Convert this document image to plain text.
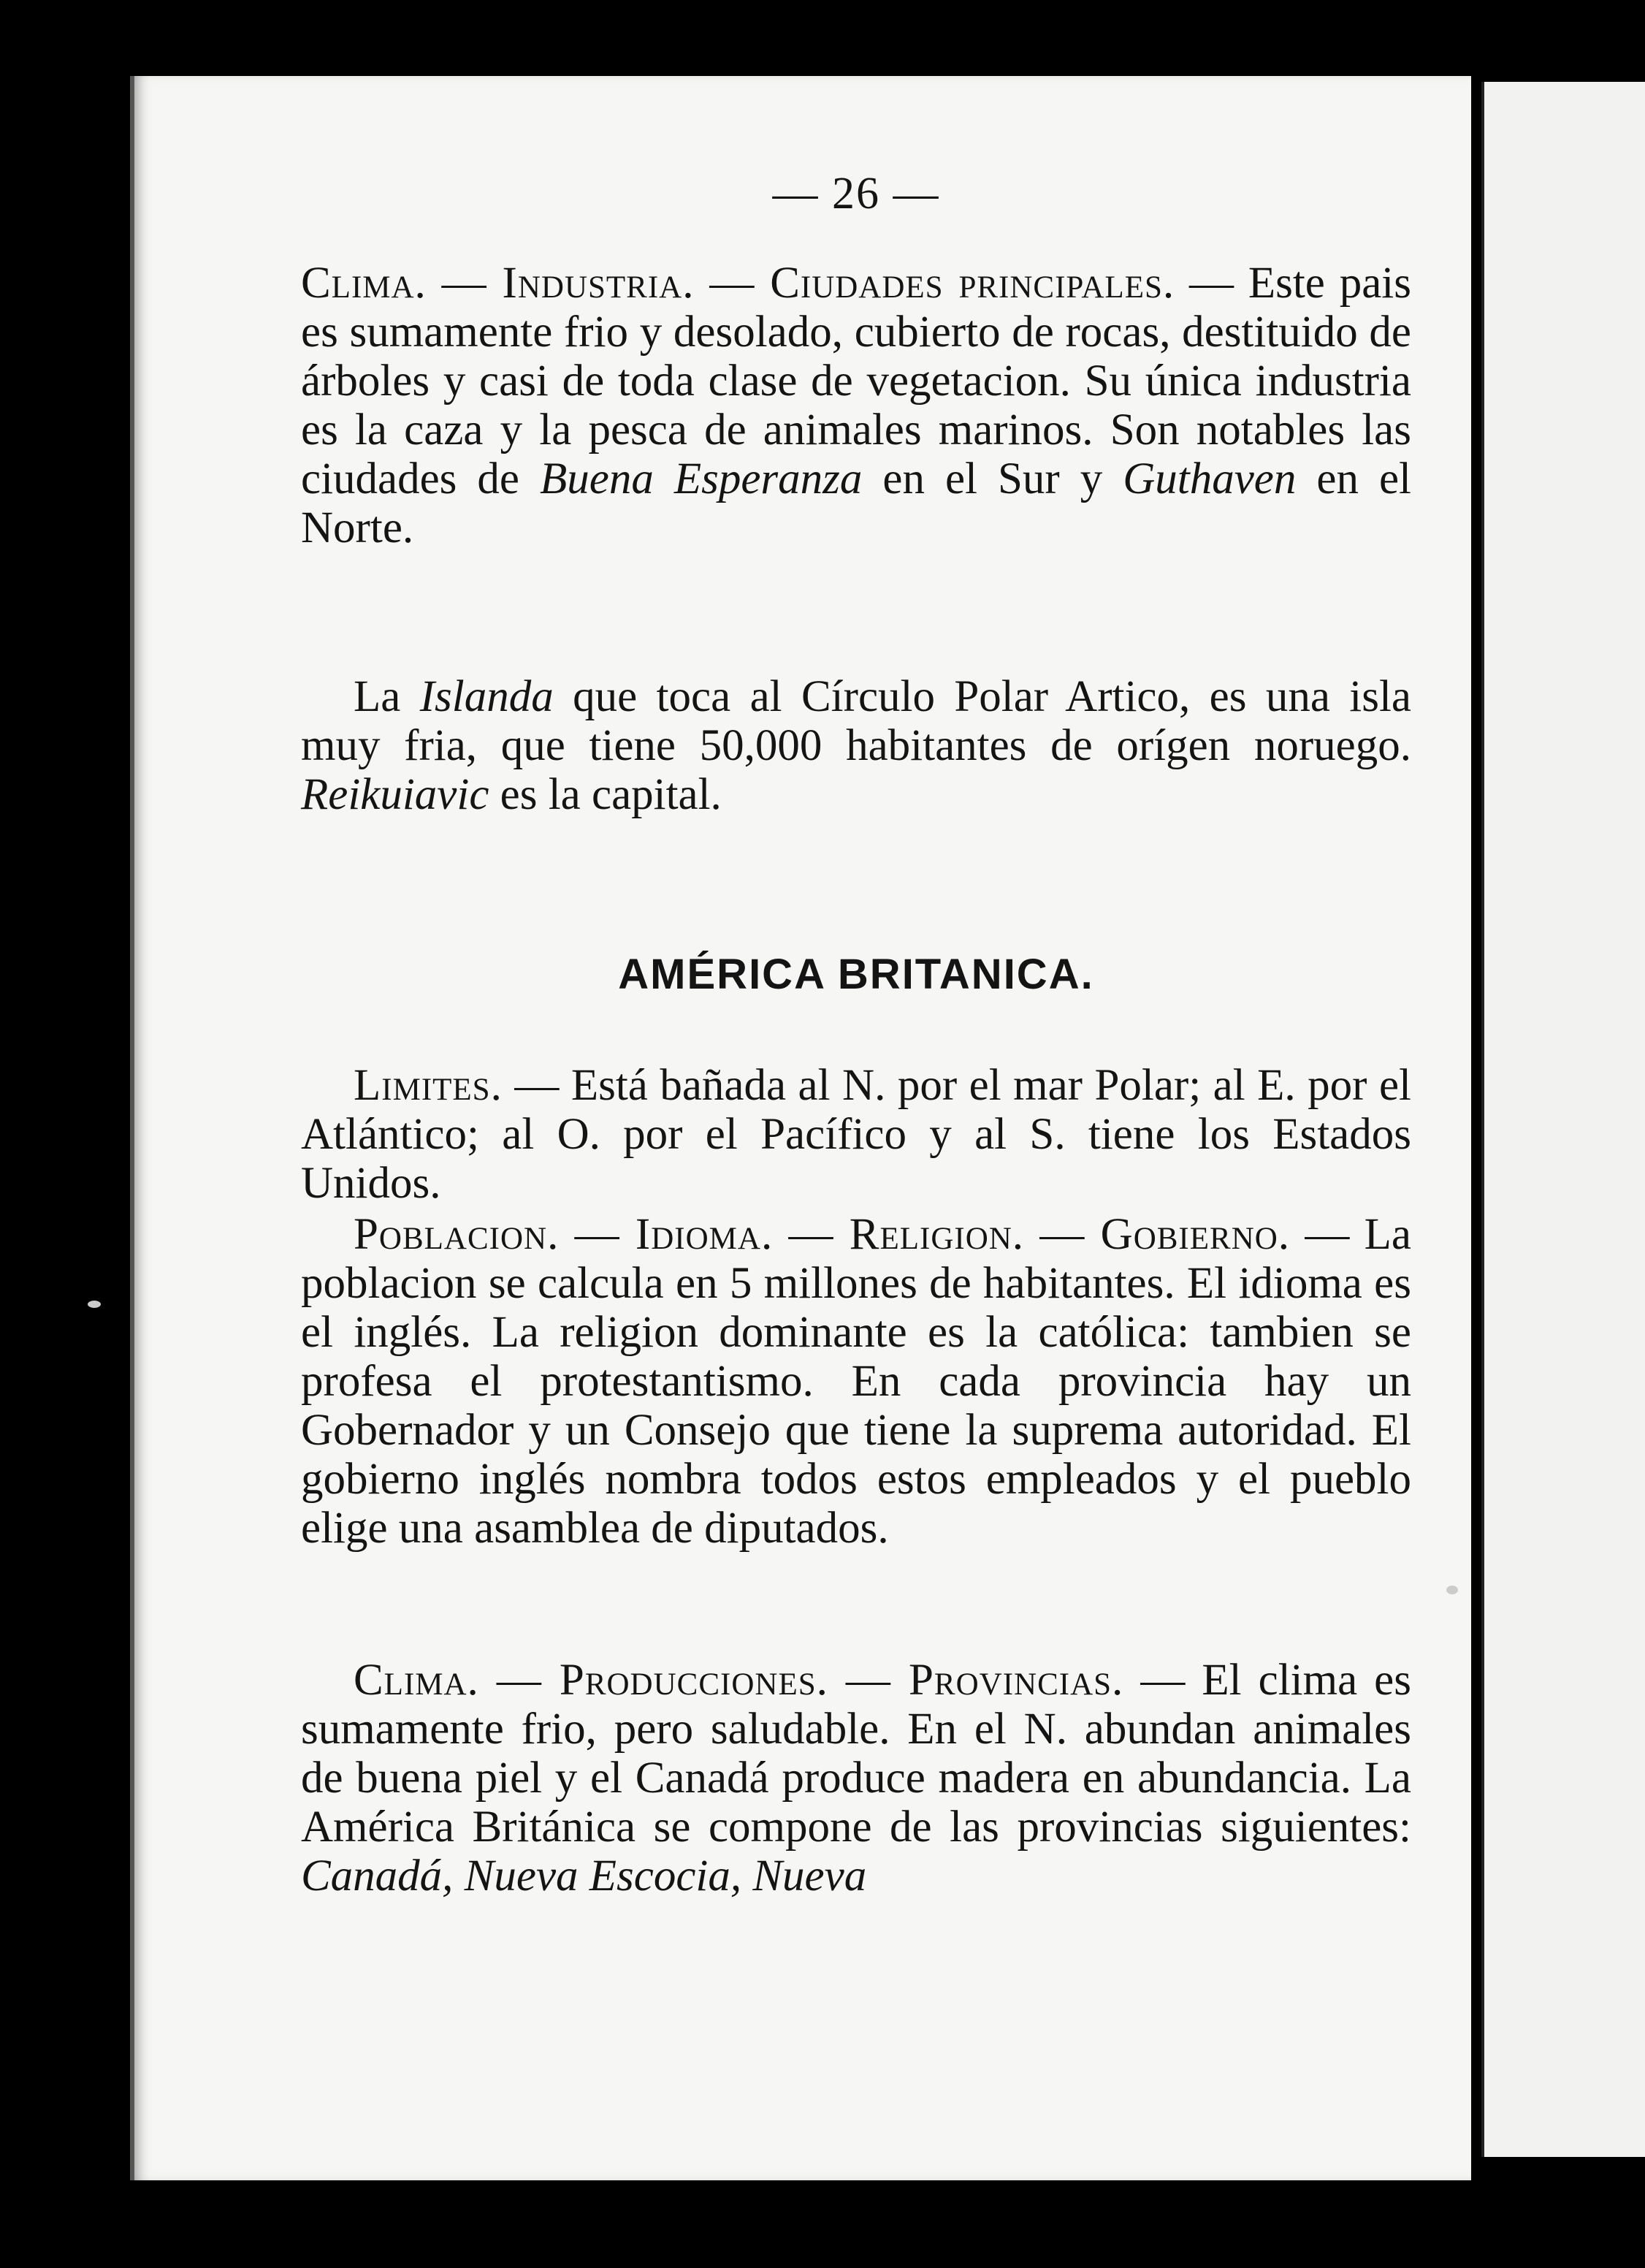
— 26 —

Clima. — Industria. — Ciudades principales. — Este pais es sumamente frio y desolado, cubierto de rocas, destituido de árboles y casi de toda clase de vegetacion. Su única industria es la caza y la pesca de animales marinos. Son notables las ciudades de Buena Esperanza en el Sur y Guthaven en el Norte.

La Islanda que toca al Círculo Polar Artico, es una isla muy fria, que tiene 50,000 habitantes de orígen noruego. Reikuiavic es la capital.

AMÉRICA BRITANICA.

Limites. — Está bañada al N. por el mar Polar; al E. por el Atlántico; al O. por el Pacífico y al S. tiene los Estados Unidos.

Poblacion. — Idioma. — Religion. — Gobierno. — La poblacion se calcula en 5 millones de habitantes. El idioma es el inglés. La religion dominante es la católica: tambien se profesa el protestantismo. En cada provincia hay un Gobernador y un Consejo que tiene la suprema autoridad. El gobierno inglés nombra todos estos empleados y el pueblo elige una asamblea de diputados.

Clima. — Producciones. — Provincias. — El clima es sumamente frio, pero saludable. En el N. abundan animales de buena piel y el Canadá produce madera en abundancia. La América Británica se compone de las provincias siguientes: Canadá, Nueva Escocia, Nueva
